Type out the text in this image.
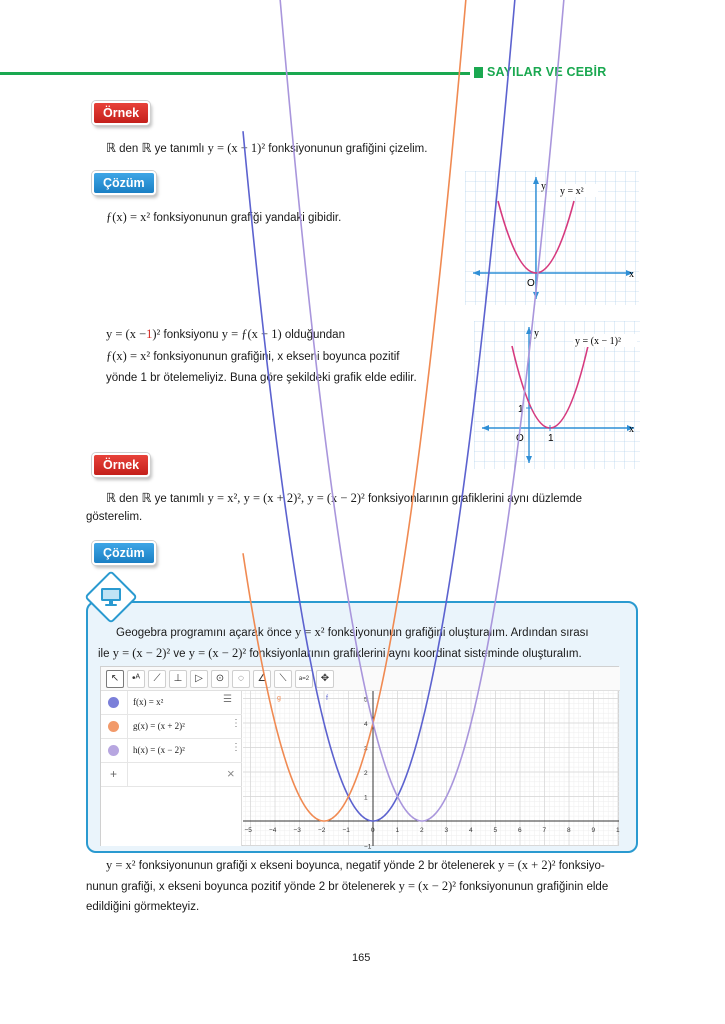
SAYILAR VE CEBİR
Örnek
ℝ den ℝ ye tanımlı y = (x − 1)² fonksiyonunun grafiğini çizelim.
Çözüm
ƒ(x) = x² fonksiyonunun grafiği yandaki gibidir.
y = (x −1)² fonksiyonu y = ƒ(x − 1) olduğundan
ƒ(x) = x² fonksiyonunun grafiğini, x ekseni boyunca pozitif
yönde 1 br ötelemeliyiz. Buna göre şekildeki grafik elde edilir.
x
y
O
y = x²
x
y
O 1
1
y = (x − 1)²
Örnek
ℝ den ℝ ye tanımlı y = x², y = (x + 2)², y = (x − 2)² fonksiyonlarının grafiklerini aynı düzlemde
gösterelim.
Çözüm
Geogebra programını açarak önce y = x² fonksiyonunun grafiğini oluşturalım. Ardından sırası
ile y = (x − 2)² ve y = (x − 2)² fonksiyonlarının grafiklerini aynı koordinat sisteminde oluşturalım.
↖	•ᴬ	⟋	⊥	▷	⊙	◌	∠	⟍	a=2	✥
f(x) = x²	☰
g(x) = (x + 2)²	⋮
h(x) = (x − 2)²	⋮
+	×
−5	−4	−3	−2	−1	0	1	2	3	4	5	6	7	8	9	1
5
4
3
2
1
−1
f
g
y = x² fonksiyonunun grafiği x ekseni boyunca, negatif yönde 2 br ötelenerek y = (x + 2)² fonksiyo-
nunun grafiği, x ekseni boyunca pozitif yönde 2 br ötelenerek y = (x − 2)² fonksiyonunun grafiğinin elde
edildiğini görmekteyiz.
165
